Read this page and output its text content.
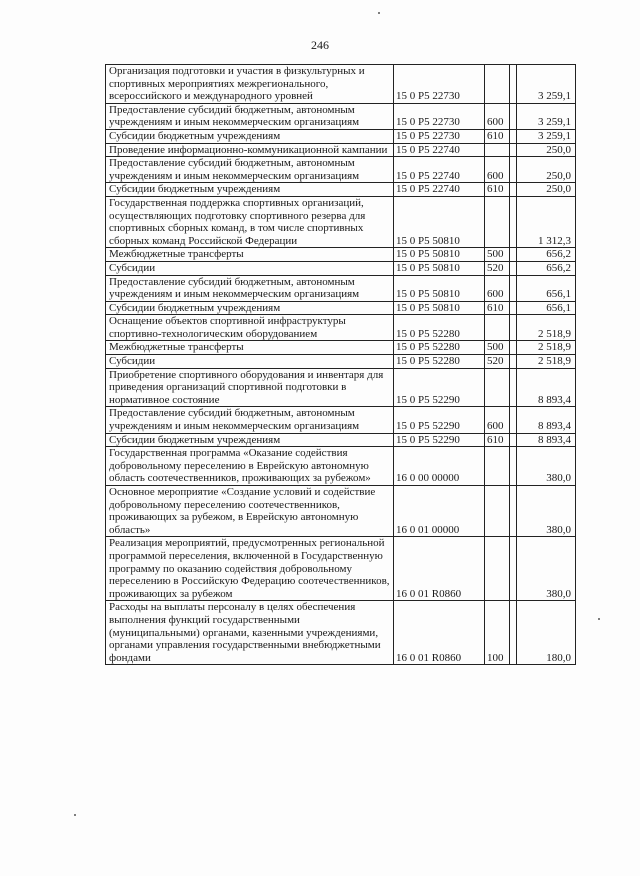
246
Организация подготовки и участия в физкультурных и спортивных мероприятиях межрегионального, всероссийского и международного уровней	15 0 Р5 22730			3 259,1
Предоставление субсидий бюджетным, автономным учреждениям и иным некоммерческим организациям	15 0 Р5 22730	600		3 259,1
Субсидии бюджетным учреждениям	15 0 Р5 22730	610		3 259,1
Проведение информационно-коммуникационной кампании	15 0 Р5 22740			250,0
Предоставление субсидий бюджетным, автономным учреждениям и иным некоммерческим организациям	15 0 Р5 22740	600		250,0
Субсидии бюджетным учреждениям	15 0 Р5 22740	610		250,0
Государственная поддержка спортивных организаций, осуществляющих подготовку спортивного резерва для спортивных сборных команд, в том числе спортивных сборных команд Российской Федерации	15 0 Р5 50810			1 312,3
Межбюджетные трансферты	15 0 Р5 50810	500		656,2
Субсидии	15 0 Р5 50810	520		656,2
Предоставление субсидий бюджетным, автономным учреждениям и иным некоммерческим организациям	15 0 Р5 50810	600		656,1
Субсидии бюджетным учреждениям	15 0 Р5 50810	610		656,1
Оснащение объектов спортивной инфраструктуры спортивно-технологическим оборудованием	15 0 Р5 52280			2 518,9
Межбюджетные трансферты	15 0 Р5 52280	500		2 518,9
Субсидии	15 0 Р5 52280	520		2 518,9
Приобретение спортивного оборудования и инвентаря для приведения организаций спортивной подготовки в нормативное состояние	15 0 Р5 52290			8 893,4
Предоставление субсидий бюджетным, автономным учреждениям и иным некоммерческим организациям	15 0 Р5 52290	600		8 893,4
Субсидии бюджетным учреждениям	15 0 Р5 52290	610		8 893,4
Государственная программа «Оказание содействия добровольному переселению в Еврейскую автономную область соотечественников, проживающих за рубежом»	16 0 00 00000			380,0
Основное мероприятие «Создание условий и содействие добровольному переселению соотечественников, проживающих за рубежом, в Еврейскую автономную область»	16 0 01 00000			380,0
Реализация мероприятий, предусмотренных региональной программой переселения, включенной в Государственную программу по оказанию содействия добровольному переселению в Российскую Федерацию соотечественников, проживающих за рубежом	16 0 01 R0860			380,0
Расходы на выплаты персоналу в целях обеспечения выполнения функций государственными (муниципальными) органами, казенными учреждениями, органами управления государственными внебюджетными фондами	16 0 01 R0860	100		180,0
